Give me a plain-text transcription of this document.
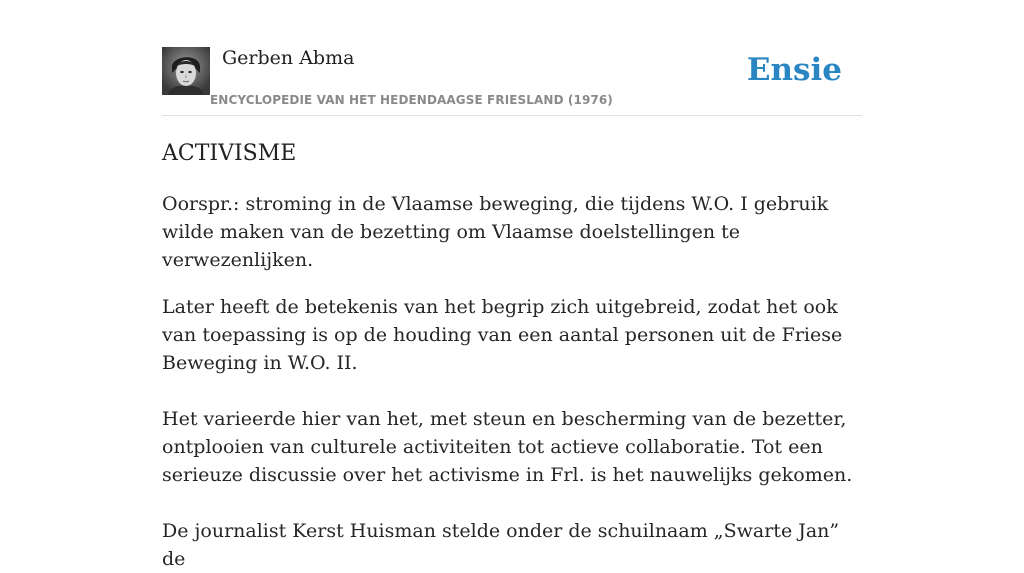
Gerben Abma
ENCYCLOPEDIE VAN HET HEDENDAAGSE FRIESLAND (1976)
Ensie
ACTIVISME

Oorspr.: stroming in de Vlaamse beweging, die tijdens W.O. I gebruik wilde maken van de bezetting om Vlaamse doelstellingen te verwezenlijken.

Later heeft de betekenis van het begrip zich uitgebreid, zodat het ook van toepassing is op de houding van een aantal personen uit de Friese Beweging in W.O. II.

Het varieerde hier van het, met steun en bescherming van de bezetter, ontplooien van culturele activiteiten tot actieve collaboratie. Tot een serieuze discussie over het activisme in Frl. is het nauwelijks gekomen.

De journalist Kerst Huisman stelde onder de schuilnaam „Swarte Jan” de
